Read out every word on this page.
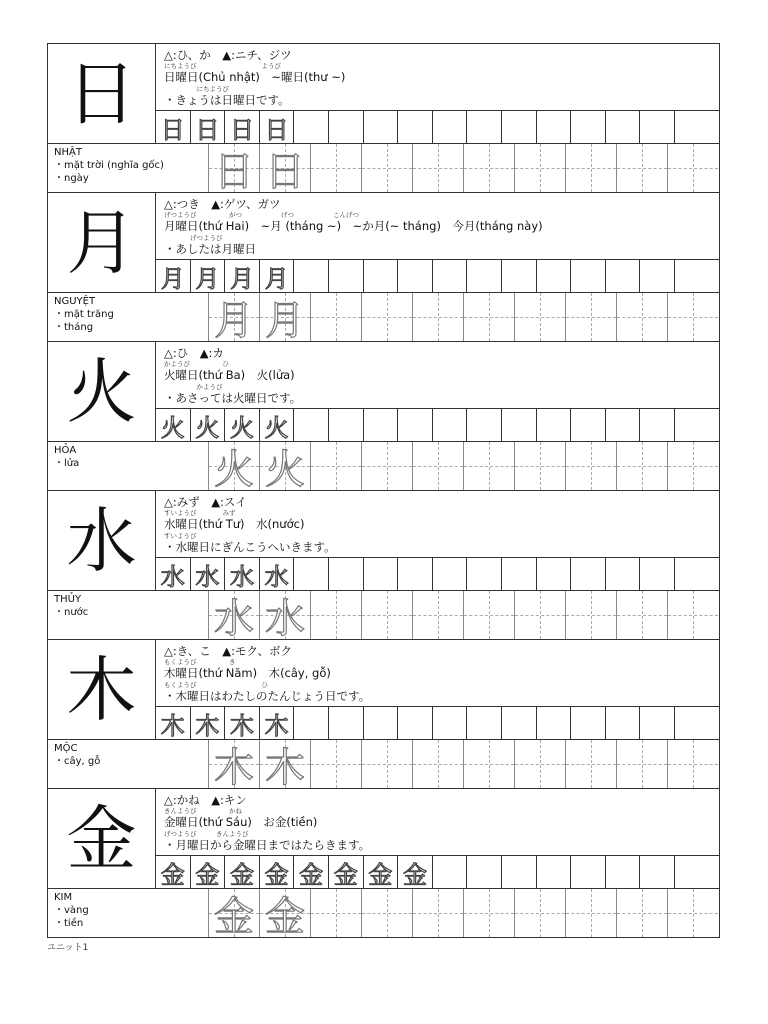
日	△:ひ、か　▲:ニチ、ジツ
にちようび　　　　　　　　　　ようび
日曜日(Chủ nhật)　~曜日(thư ~)
　　　　　にちようび
・きょうは日曜日です。
日 日 日 日
NHẬT
・mặt trời (nghĩa gốc)
・ngày	日 日
月	△:つき　▲:ゲツ、ガツ
げつようび　　　　　がつ　　　　　　げつ　　　　　　こんげつ
月曜日(thứ Hai)　~月 (tháng ~)　~か月(~ tháng)　今月(tháng này)
　　　　げつようび
・あしたは月曜日
月 月 月 月
NGUYỆT
・mặt trăng
・tháng	月 月
火	△:ひ　▲:カ
かようび　　　　　ひ
火曜日(thứ Ba)　火(lửa)
　　　　　かようび
・あさっては火曜日です。
火 火 火 火
HỎA
・lửa	火 火
水	△:みず　▲:スイ
すいようび　　　　みず
水曜日(thứ Tư)　水(nước)
すいようび
・水曜日にぎんこうへいきます。
水 水 水 水
THỦY
・nước	水 水
木	△:き、こ　▲:モク、ボク
もくようび　　　　　き
木曜日(thứ Năm)　木(cây, gỗ)
もくようび　　　　　　　　　　ひ
・木曜日はわたしのたんじょう日です。
木 木 木 木
MỘC
・cây, gỗ	木 木
金	△:かね　▲:キン
きんようび　　　　　かね
金曜日(thứ Sáu)　お金(tiền)
げつようび　　　きんようび
・月曜日から金曜日まではたらきます。
金 金 金 金 金 金 金 金
KIM
・vàng
・tiền	金 金
ユニット1
